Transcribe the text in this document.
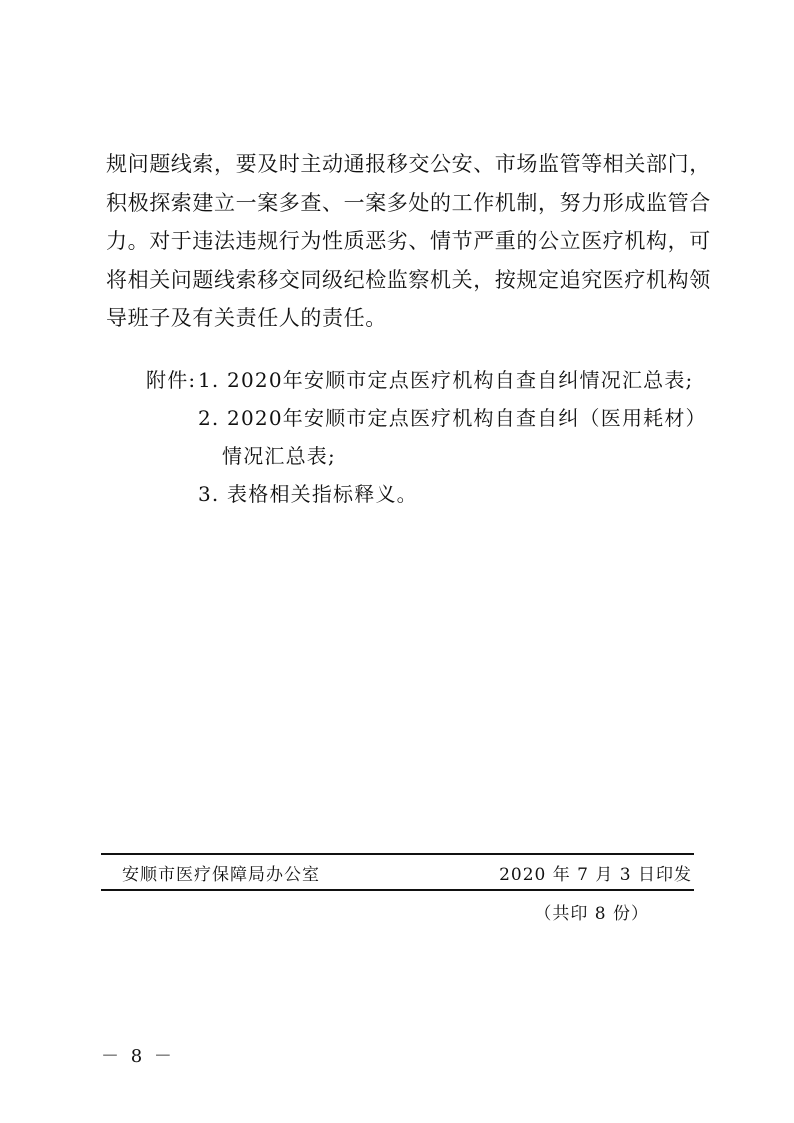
规问题线索，要及时主动通报移交公安、市场监管等相关部门，
积极探索建立一案多查、一案多处的工作机制，努力形成监管合
力。对于违法违规行为性质恶劣、情节严重的公立医疗机构，可
将相关问题线索移交同级纪检监察机关，按规定追究医疗机构领
导班子及有关责任人的责任。
附件: 1. 2020年安顺市定点医疗机构自查自纠情况汇总表;
2. 2020年安顺市定点医疗机构自查自纠（医用耗材）
情况汇总表;
3. 表格相关指标释义。
安顺市医疗保障局办公室	2020 年 7 月 3 日印发
（共印 8 份）
－ 8 －
